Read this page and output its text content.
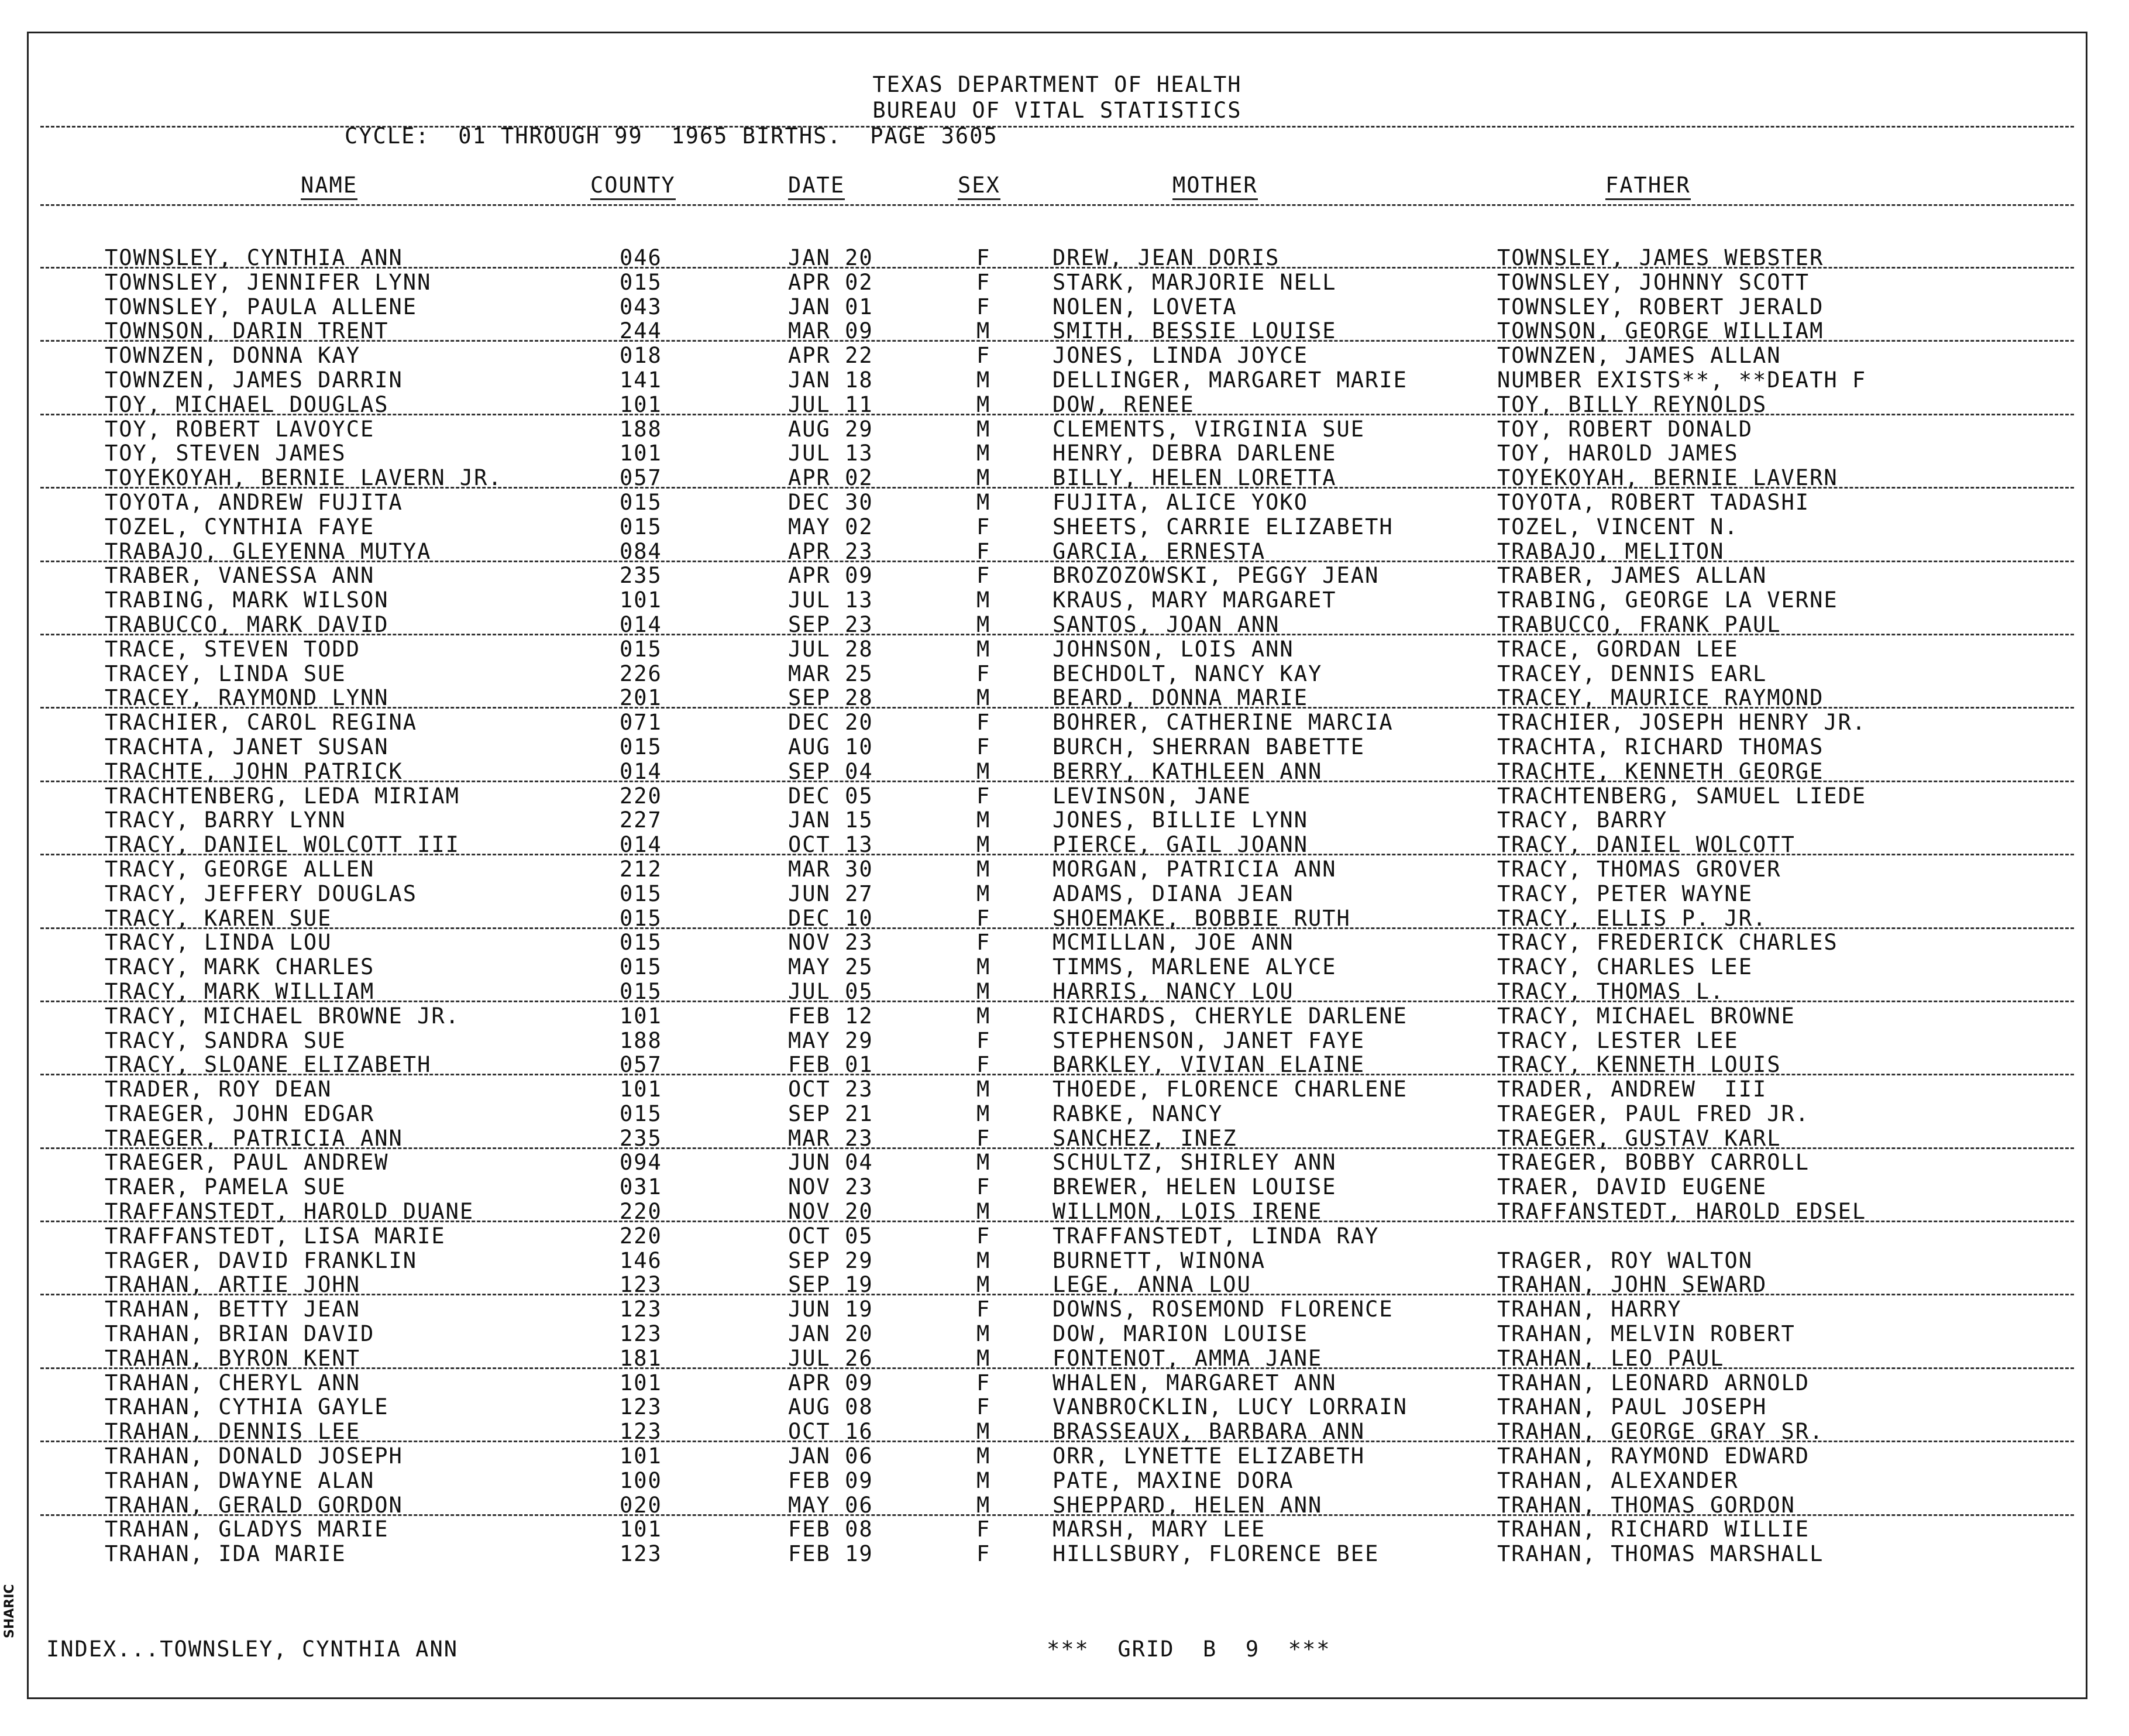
TEXAS DEPARTMENT OF HEALTH
BUREAU OF VITAL STATISTICS
CYCLE:  01 THROUGH 99  1965 BIRTHS.  PAGE 3605
NAME	COUNTY	DATE	SEX	MOTHER	FATHER
TOWNSLEY, CYNTHIA ANN	046	JAN 20	F	DREW, JEAN DORIS	TOWNSLEY, JAMES WEBSTER
TOWNSLEY, JENNIFER LYNN	015	APR 02	F	STARK, MARJORIE NELL	TOWNSLEY, JOHNNY SCOTT
TOWNSLEY, PAULA ALLENE	043	JAN 01	F	NOLEN, LOVETA	TOWNSLEY, ROBERT JERALD
TOWNSON, DARIN TRENT	244	MAR 09	M	SMITH, BESSIE LOUISE	TOWNSON, GEORGE WILLIAM
TOWNZEN, DONNA KAY	018	APR 22	F	JONES, LINDA JOYCE	TOWNZEN, JAMES ALLAN
TOWNZEN, JAMES DARRIN	141	JAN 18	M	DELLINGER, MARGARET MARIE	NUMBER EXISTS**, **DEATH F
TOY, MICHAEL DOUGLAS	101	JUL 11	M	DOW, RENEE	TOY, BILLY REYNOLDS
TOY, ROBERT LAVOYCE	188	AUG 29	M	CLEMENTS, VIRGINIA SUE	TOY, ROBERT DONALD
TOY, STEVEN JAMES	101	JUL 13	M	HENRY, DEBRA DARLENE	TOY, HAROLD JAMES
TOYEKOYAH, BERNIE LAVERN JR.	057	APR 02	M	BILLY, HELEN LORETTA	TOYEKOYAH, BERNIE LAVERN
TOYOTA, ANDREW FUJITA	015	DEC 30	M	FUJITA, ALICE YOKO	TOYOTA, ROBERT TADASHI
TOZEL, CYNTHIA FAYE	015	MAY 02	F	SHEETS, CARRIE ELIZABETH	TOZEL, VINCENT N.
TRABAJO, GLEYENNA MUTYA	084	APR 23	F	GARCIA, ERNESTA	TRABAJO, MELITON
TRABER, VANESSA ANN	235	APR 09	F	BROZOZOWSKI, PEGGY JEAN	TRABER, JAMES ALLAN
TRABING, MARK WILSON	101	JUL 13	M	KRAUS, MARY MARGARET	TRABING, GEORGE LA VERNE
TRABUCCO, MARK DAVID	014	SEP 23	M	SANTOS, JOAN ANN	TRABUCCO, FRANK PAUL
TRACE, STEVEN TODD	015	JUL 28	M	JOHNSON, LOIS ANN	TRACE, GORDAN LEE
TRACEY, LINDA SUE	226	MAR 25	F	BECHDOLT, NANCY KAY	TRACEY, DENNIS EARL
TRACEY, RAYMOND LYNN	201	SEP 28	M	BEARD, DONNA MARIE	TRACEY, MAURICE RAYMOND
TRACHIER, CAROL REGINA	071	DEC 20	F	BOHRER, CATHERINE MARCIA	TRACHIER, JOSEPH HENRY JR.
TRACHTA, JANET SUSAN	015	AUG 10	F	BURCH, SHERRAN BABETTE	TRACHTA, RICHARD THOMAS
TRACHTE, JOHN PATRICK	014	SEP 04	M	BERRY, KATHLEEN ANN	TRACHTE, KENNETH GEORGE
TRACHTENBERG, LEDA MIRIAM	220	DEC 05	F	LEVINSON, JANE	TRACHTENBERG, SAMUEL LIEDE
TRACY, BARRY LYNN	227	JAN 15	M	JONES, BILLIE LYNN	TRACY, BARRY
TRACY, DANIEL WOLCOTT III	014	OCT 13	M	PIERCE, GAIL JOANN	TRACY, DANIEL WOLCOTT
TRACY, GEORGE ALLEN	212	MAR 30	M	MORGAN, PATRICIA ANN	TRACY, THOMAS GROVER
TRACY, JEFFERY DOUGLAS	015	JUN 27	M	ADAMS, DIANA JEAN	TRACY, PETER WAYNE
TRACY, KAREN SUE	015	DEC 10	F	SHOEMAKE, BOBBIE RUTH	TRACY, ELLIS P. JR.
TRACY, LINDA LOU	015	NOV 23	F	MCMILLAN, JOE ANN	TRACY, FREDERICK CHARLES
TRACY, MARK CHARLES	015	MAY 25	M	TIMMS, MARLENE ALYCE	TRACY, CHARLES LEE
TRACY, MARK WILLIAM	015	JUL 05	M	HARRIS, NANCY LOU	TRACY, THOMAS L.
TRACY, MICHAEL BROWNE JR.	101	FEB 12	M	RICHARDS, CHERYLE DARLENE	TRACY, MICHAEL BROWNE
TRACY, SANDRA SUE	188	MAY 29	F	STEPHENSON, JANET FAYE	TRACY, LESTER LEE
TRACY, SLOANE ELIZABETH	057	FEB 01	F	BARKLEY, VIVIAN ELAINE	TRACY, KENNETH LOUIS
TRADER, ROY DEAN	101	OCT 23	M	THOEDE, FLORENCE CHARLENE	TRADER, ANDREW  III
TRAEGER, JOHN EDGAR	015	SEP 21	M	RABKE, NANCY	TRAEGER, PAUL FRED JR.
TRAEGER, PATRICIA ANN	235	MAR 23	F	SANCHEZ, INEZ	TRAEGER, GUSTAV KARL
TRAEGER, PAUL ANDREW	094	JUN 04	M	SCHULTZ, SHIRLEY ANN	TRAEGER, BOBBY CARROLL
TRAER, PAMELA SUE	031	NOV 23	F	BREWER, HELEN LOUISE	TRAER, DAVID EUGENE
TRAFFANSTEDT, HAROLD DUANE	220	NOV 20	M	WILLMON, LOIS IRENE	TRAFFANSTEDT, HAROLD EDSEL
TRAFFANSTEDT, LISA MARIE	220	OCT 05	F	TRAFFANSTEDT, LINDA RAY
TRAGER, DAVID FRANKLIN	146	SEP 29	M	BURNETT, WINONA	TRAGER, ROY WALTON
TRAHAN, ARTIE JOHN	123	SEP 19	M	LEGE, ANNA LOU	TRAHAN, JOHN SEWARD
TRAHAN, BETTY JEAN	123	JUN 19	F	DOWNS, ROSEMOND FLORENCE	TRAHAN, HARRY
TRAHAN, BRIAN DAVID	123	JAN 20	M	DOW, MARION LOUISE	TRAHAN, MELVIN ROBERT
TRAHAN, BYRON KENT	181	JUL 26	M	FONTENOT, AMMA JANE	TRAHAN, LEO PAUL
TRAHAN, CHERYL ANN	101	APR 09	F	WHALEN, MARGARET ANN	TRAHAN, LEONARD ARNOLD
TRAHAN, CYTHIA GAYLE	123	AUG 08	F	VANBROCKLIN, LUCY LORRAIN	TRAHAN, PAUL JOSEPH
TRAHAN, DENNIS LEE	123	OCT 16	M	BRASSEAUX, BARBARA ANN	TRAHAN, GEORGE GRAY SR.
TRAHAN, DONALD JOSEPH	101	JAN 06	M	ORR, LYNETTE ELIZABETH	TRAHAN, RAYMOND EDWARD
TRAHAN, DWAYNE ALAN	100	FEB 09	M	PATE, MAXINE DORA	TRAHAN, ALEXANDER
TRAHAN, GERALD GORDON	020	MAY 06	M	SHEPPARD, HELEN ANN	TRAHAN, THOMAS GORDON
TRAHAN, GLADYS MARIE	101	FEB 08	F	MARSH, MARY LEE	TRAHAN, RICHARD WILLIE
TRAHAN, IDA MARIE	123	FEB 19	F	HILLSBURY, FLORENCE BEE	TRAHAN, THOMAS MARSHALL
INDEX...TOWNSLEY, CYNTHIA ANN	***  GRID  B  9  ***
SHARIC
